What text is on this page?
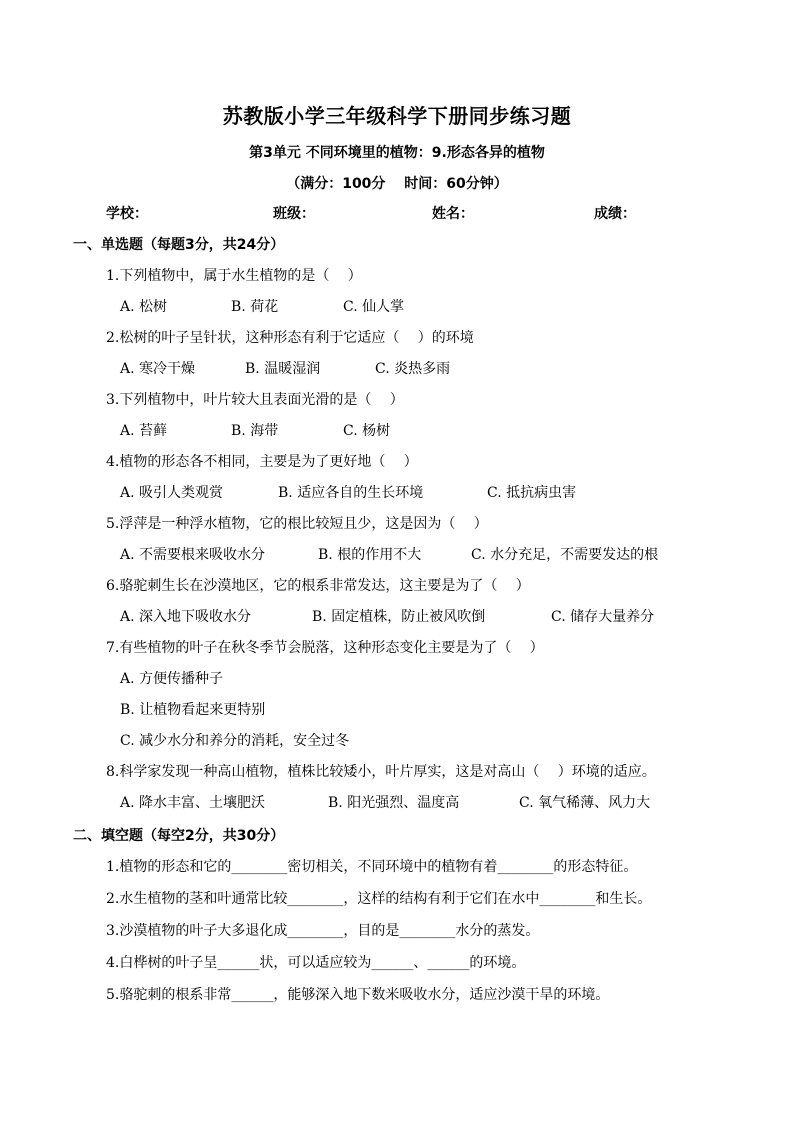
苏教版小学三年级科学下册同步练习题
第3单元 不同环境里的植物：9.形态各异的植物
（满分：100分　 时间：60分钟）
学校：	班级：	姓名：	成绩：
一、单选题（每题3分，共24分）
1.下列植物中，属于水生植物的是（　 ）
A. 松树	B. 荷花	C. 仙人掌
2.松树的叶子呈针状，这种形态有利于它适应（　 ）的环境
A. 寒冷干燥	B. 温暖湿润	C. 炎热多雨
3.下列植物中，叶片较大且表面光滑的是（　 ）
A. 苔藓	B. 海带	C. 杨树
4.植物的形态各不相同，主要是为了更好地（　 ）
A. 吸引人类观赏	B. 适应各自的生长环境	C. 抵抗病虫害
5.浮萍是一种浮水植物，它的根比较短且少，这是因为（　 ）
A. 不需要根来吸收水分	B. 根的作用不大	C. 水分充足，不需要发达的根
6.骆驼刺生长在沙漠地区，它的根系非常发达，这主要是为了（　 ）
A. 深入地下吸收水分	B. 固定植株，防止被风吹倒	C. 储存大量养分
7.有些植物的叶子在秋冬季节会脱落，这种形态变化主要是为了（　 ）
A. 方便传播种子
B. 让植物看起来更特别
C. 减少水分和养分的消耗，安全过冬
8.科学家发现一种高山植物，植株比较矮小，叶片厚实，这是对高山（　 ）环境的适应。
A. 降水丰富、土壤肥沃	B. 阳光强烈、温度高	C. 氧气稀薄、风力大
二、填空题（每空2分，共30分）
1.植物的形态和它的________密切相关，不同环境中的植物有着________的形态特征。
2.水生植物的茎和叶通常比较________，这样的结构有利于它们在水中________和生长。
3.沙漠植物的叶子大多退化成________，目的是________水分的蒸发。
4.白桦树的叶子呈______状，可以适应较为______、______的环境。
5.骆驼刺的根系非常______，能够深入地下数米吸收水分，适应沙漠干旱的环境。
